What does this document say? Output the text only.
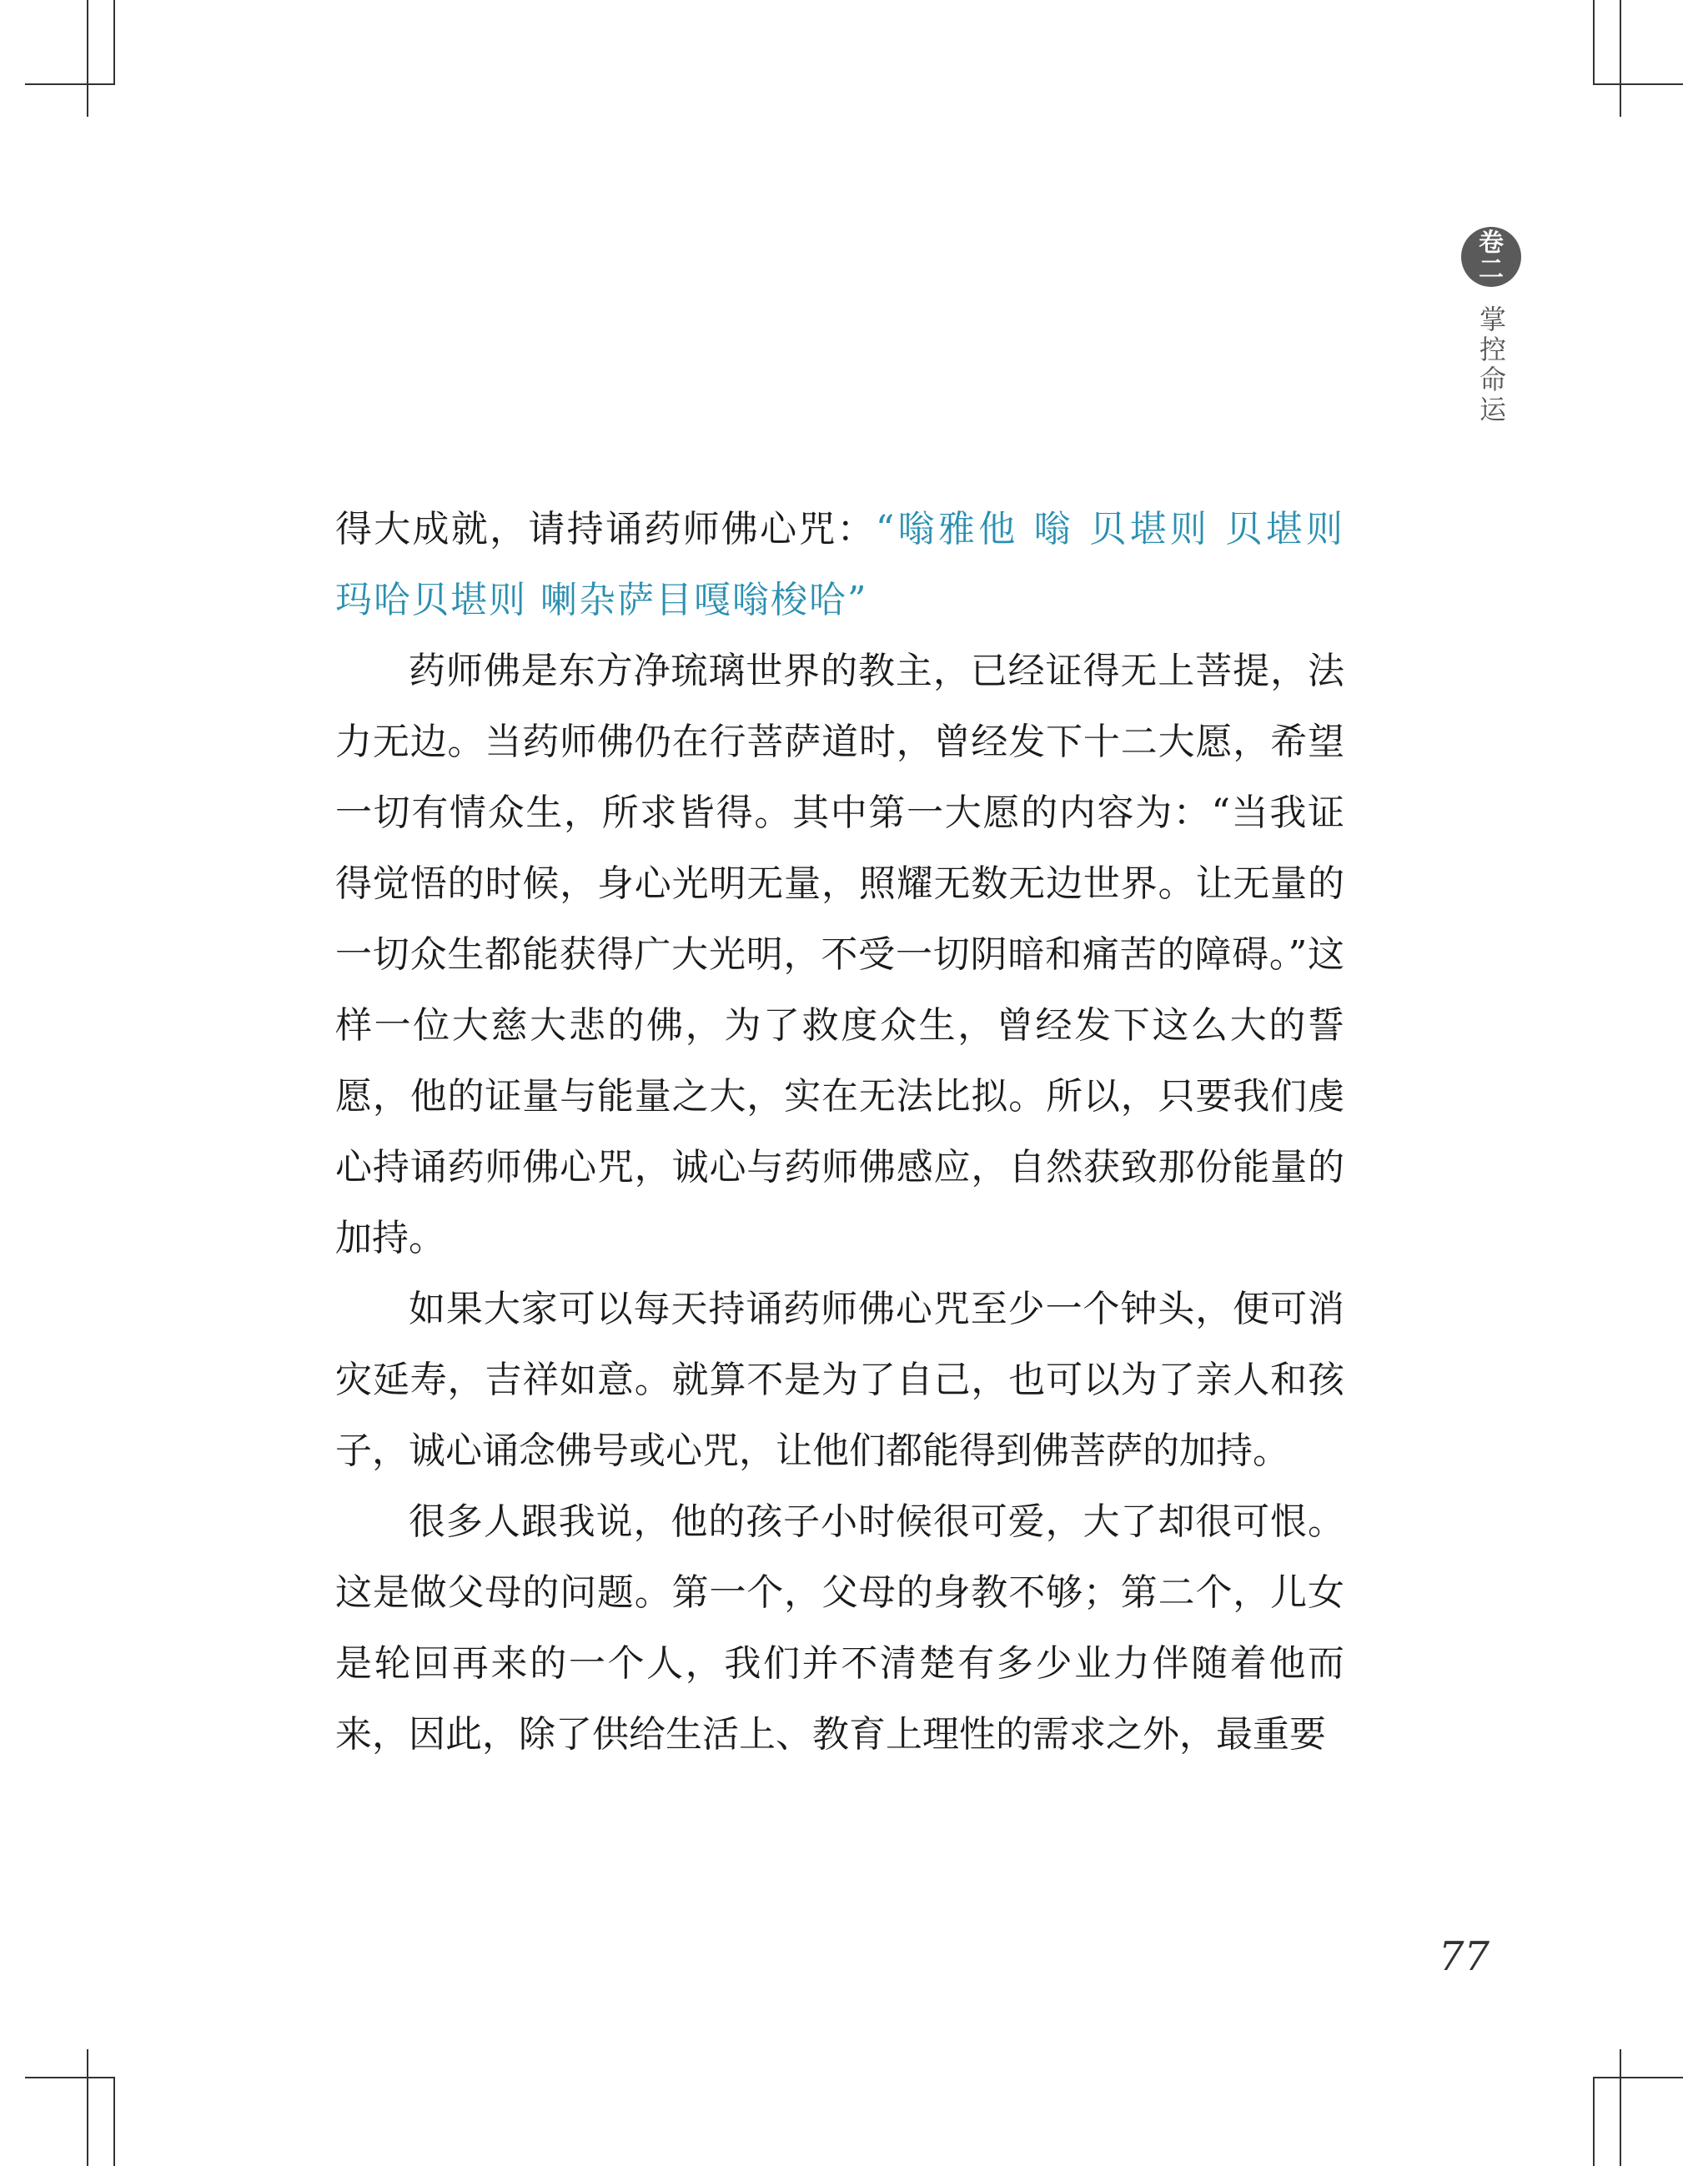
卷
二
掌控命运

得大成就，请持诵药师佛心咒：“嗡雅他 嗡 贝堪则 贝堪则 玛哈贝堪则 喇杂萨目嘎嗡梭哈”

药师佛是东方净琉璃世界的教主，已经证得无上菩提，法力无边。当药师佛仍在行菩萨道时，曾经发下十二大愿，希望一切有情众生，所求皆得。其中第一大愿的内容为：“当我证得觉悟的时候，身心光明无量，照耀无数无边世界。让无量的一切众生都能获得广大光明，不受一切阴暗和痛苦的障碍。”这样一位大慈大悲的佛，为了救度众生，曾经发下这么大的誓愿，他的证量与能量之大，实在无法比拟。所以，只要我们虔心持诵药师佛心咒，诚心与药师佛感应，自然获致那份能量的加持。

如果大家可以每天持诵药师佛心咒至少一个钟头，便可消灾延寿，吉祥如意。就算不是为了自己，也可以为了亲人和孩子，诚心诵念佛号或心咒，让他们都能得到佛菩萨的加持。

很多人跟我说，他的孩子小时候很可爱，大了却很可恨。这是做父母的问题。第一个，父母的身教不够；第二个，儿女是轮回再来的一个人，我们并不清楚有多少业力伴随着他而来，因此，除了供给生活上、教育上理性的需求之外，最重要

77
